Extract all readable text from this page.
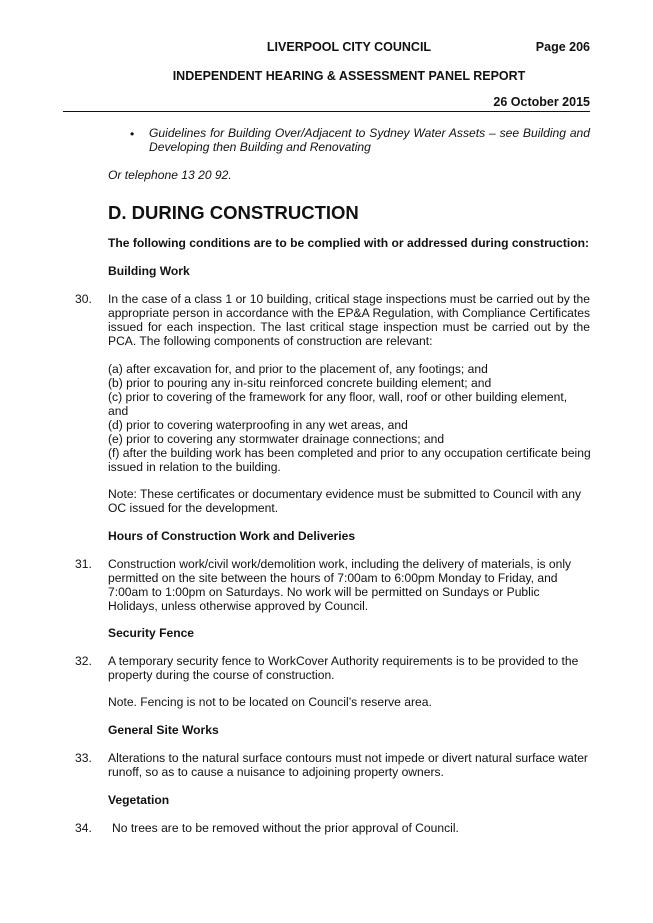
LIVERPOOL CITY COUNCIL	Page 206
INDEPENDENT HEARING & ASSESSMENT PANEL REPORT
26 October 2015
• Guidelines for Building Over/Adjacent to Sydney Water Assets – see Building and
Developing then Building and Renovating
Or telephone 13 20 92.
D. DURING CONSTRUCTION
The following conditions are to be complied with or addressed during construction:
Building Work
30. In the case of a class 1 or 10 building, critical stage inspections must be carried out by the
appropriate person in accordance with the EP&A Regulation, with Compliance Certificates
issued for each inspection. The last critical stage inspection must be carried out by the
PCA. The following components of construction are relevant:
(a) after excavation for, and prior to the placement of, any footings; and
(b) prior to pouring any in-situ reinforced concrete building element; and
(c) prior to covering of the framework for any floor, wall, roof or other building element,
and
(d) prior to covering waterproofing in any wet areas, and
(e) prior to covering any stormwater drainage connections; and
(f) after the building work has been completed and prior to any occupation certificate being
issued in relation to the building.
Note: These certificates or documentary evidence must be submitted to Council with any
OC issued for the development.
Hours of Construction Work and Deliveries
31. Construction work/civil work/demolition work, including the delivery of materials, is only
permitted on the site between the hours of 7:00am to 6:00pm Monday to Friday, and
7:00am to 1:00pm on Saturdays. No work will be permitted on Sundays or Public
Holidays, unless otherwise approved by Council.
Security Fence
32. A temporary security fence to WorkCover Authority requirements is to be provided to the
property during the course of construction.
Note. Fencing is not to be located on Council’s reserve area.
General Site Works
33. Alterations to the natural surface contours must not impede or divert natural surface water
runoff, so as to cause a nuisance to adjoining property owners.
Vegetation
34. No trees are to be removed without the prior approval of Council.
